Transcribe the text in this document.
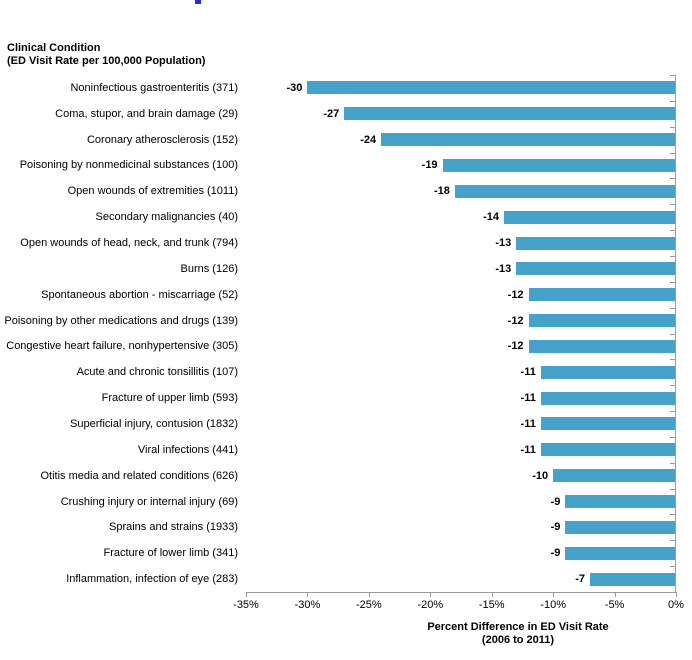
Clinical Condition
(ED Visit Rate per 100,000 Population)
Noninfectious gastroenteritis (371)	-30
Coma, stupor, and brain damage (29)	-27
Coronary atherosclerosis (152)	-24
Poisoning by nonmedicinal substances (100)	-19
Open wounds of extremities (1011)	-18
Secondary malignancies (40)	-14
Open wounds of head, neck, and trunk (794)	-13
Burns (126)	-13
Spontaneous abortion - miscarriage (52)	-12
Poisoning by other medications and drugs (139)	-12
Congestive heart failure, nonhypertensive (305)	-12
Acute and chronic tonsillitis (107)	-11
Fracture of upper limb (593)	-11
Superficial injury, contusion (1832)	-11
Viral infections (441)	-11
Otitis media and related conditions (626)	-10
Crushing injury or internal injury (69)	-9
Sprains and strains (1933)	-9
Fracture of lower limb (341)	-9
Inflammation, infection of eye (283)	-7
-35%	-30%	-25%	-20%	-15%	-10%	-5%	0%
Percent Difference in ED Visit Rate
(2006 to 2011)
